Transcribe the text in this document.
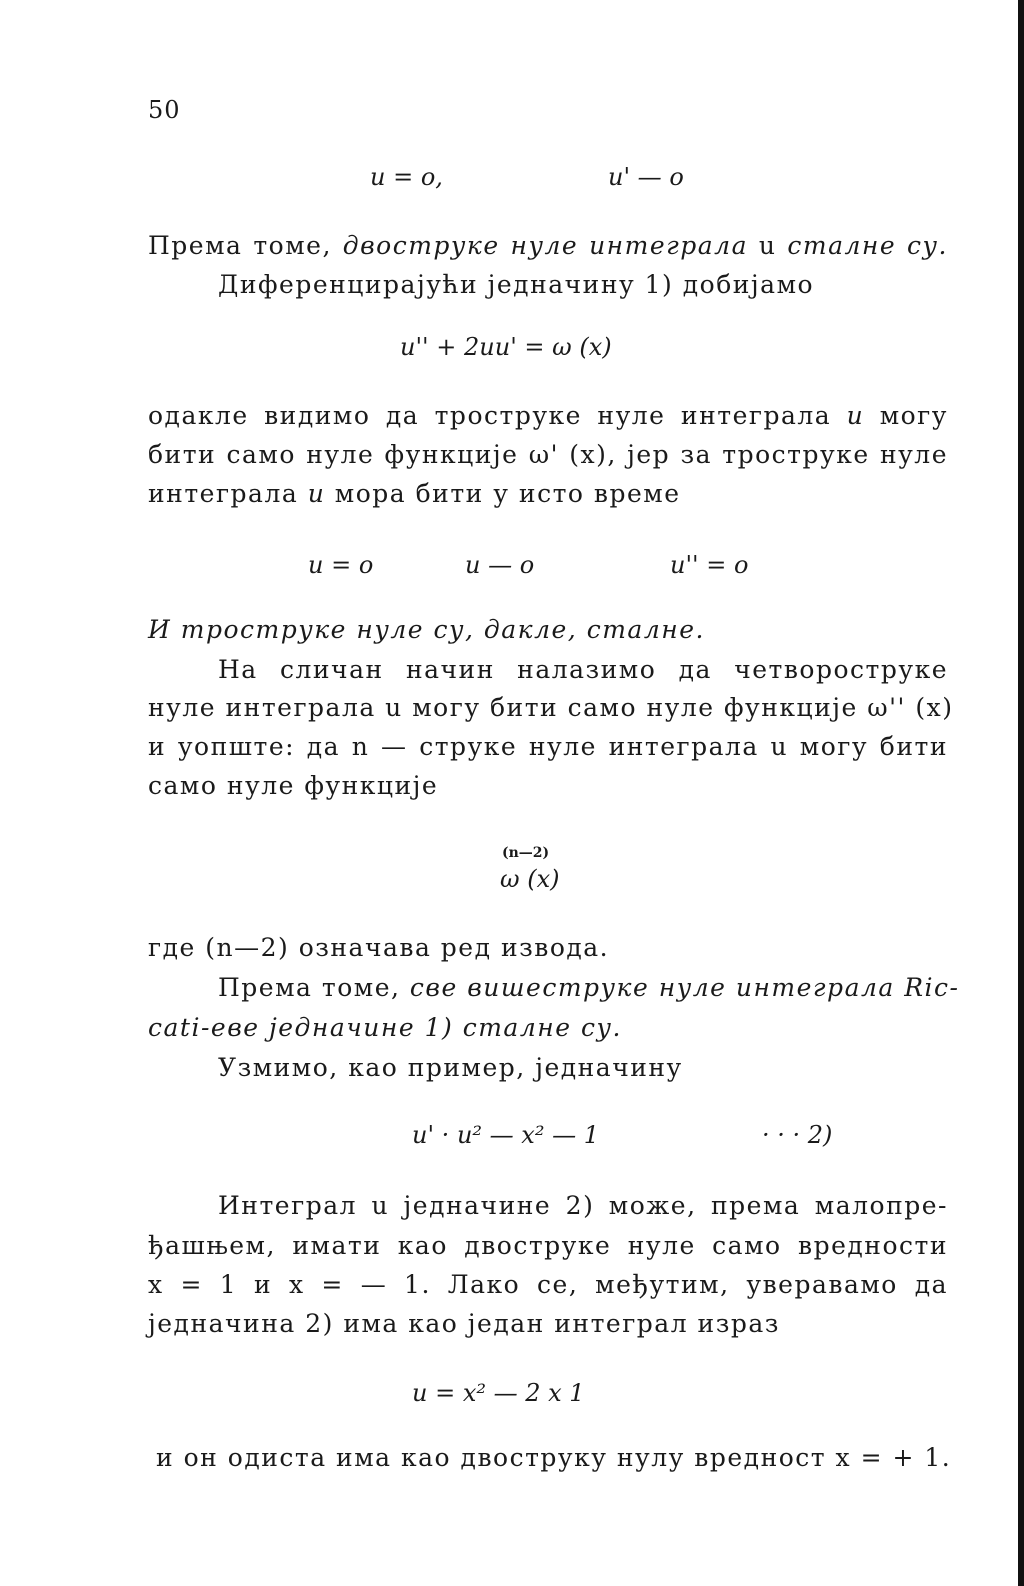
50
u = o,	u' — o
Према тoме, двоструке нуле интеграла u сталне су.
Диференцирајући једначину 1) добијамо
u'' + 2uu' = ω (x)
одакле видимо да троструке нуле интеграла u могу
бити само нуле функције ω' (x), јер за троструке нуле
интеграла u мора бити у исто време
u = o	u — o	u'' = o
И троструке нуле су, дакле, сталне.
На сличан начин налазимо да четворостpуке
нуле интеграла u могу бити само нуле функције ω'' (x)
и уопште: да n — струке нуле интеграла u могу бити
само нуле функције
(n—2)
ω (x)
где (n—2) означава ред извода.
Према томе, све вишеструке нуле интеграла Ric-
cati-eве једначине 1) сталне су.
Узмимо, као пример, једначину
u' · u² — x² — 1	· · · 2)
Интеграл u једначине 2) може, према малопре-
ђашњем, имати као двоструке нуле само вредности
x = 1 и x = — 1. Лако се, међутим, уверавамо да
једначина 2) има као један интеграл израз
u = x² — 2 x 1
и он одиста има као двоструку нулу вредност x = + 1.
